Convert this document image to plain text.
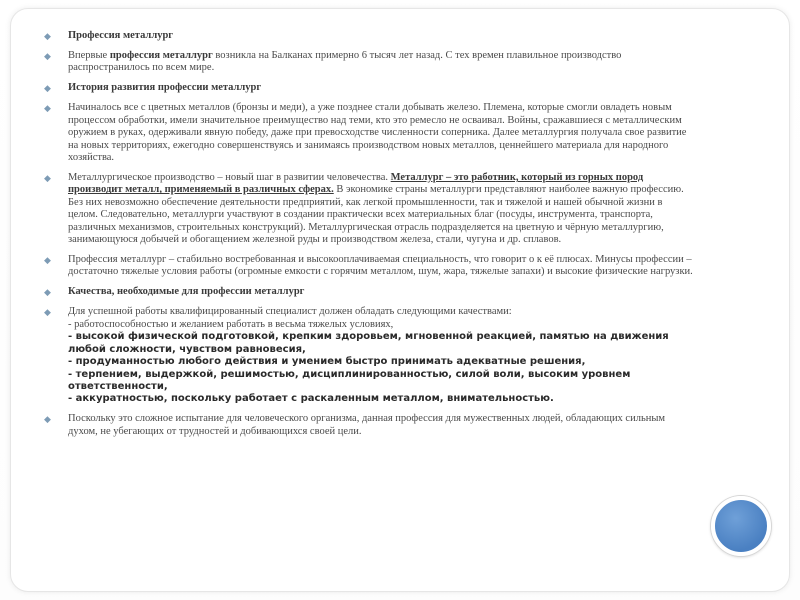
◆ Профессия металлург
◆ Впервые профессия металлург возникла на Балканах примерно 6 тысяч лет назад. С тех времен плавильное производство распространилось по всем мире.
◆ История развития профессии металлург
◆ Начиналось все с цветных металлов (бронзы и меди), а уже позднее стали добывать железо. Племена, которые смогли овладеть новым процессом обработки, имели значительное преимущество над теми, кто это ремесло не осваивал. Войны, сражавшиеся с металлическим оружием в руках, одерживали явную победу, даже при превосходстве численности соперника. Далее металлургия получала свое развитие на новых территориях, ежегодно совершенствуясь и занимаясь производством новых металлов, ценнейшего материала для народного хозяйства.
◆ Металлургическое производство – новый шаг в развитии человечества. Металлург – это работник, который из горных пород производит металл, применяемый в различных сферах. В экономике страны металлурги представляют наиболее важную профессию. Без них невозможно обеспечение деятельности предприятий, как легкой промышленности, так и тяжелой и нашей обычной жизни в целом. Следовательно, металлурги участвуют в создании практически всех материальных благ (посуды, инструмента, транспорта, различных механизмов, строительных конструкций). Металлургическая отрасль подразделяется на цветную и чёрную металлургию, занимающуюся добычей и обогащением железной руды и производством железа, стали, чугуна и др. сплавов.
◆ Профессия металлург – стабильно востребованная и высокооплачиваемая специальность, что говорит о к её плюсах. Минусы профессии – достаточно тяжелые условия работы (огромные емкости с горячим металлом, шум, жара, тяжелые запахи) и высокие физические нагрузки.
◆ Качества, необходимые для профессии металлург
◆ Для успешной работы квалифицированный специалист должен обладать следующими качествами:
- работоспособностью и желанием работать в весьма тяжелых условиях,
- высокой физической подготовкой, крепким здоровьем, мгновенной реакцией, памятью на движения любой сложности, чувством равновесия,
- продуманностью любого действия и умением быстро принимать адекватные решения,
- терпением, выдержкой, решимостью, дисциплинированностью, силой воли, высоким уровнем ответственности,
- аккуратностью, поскольку работает с раскаленным металлом, внимательностью.
◆ Поскольку это сложное испытание для человеческого организма, данная профессия для мужественных людей, обладающих сильным духом, не убегающих от трудностей и добивающихся своей цели.
